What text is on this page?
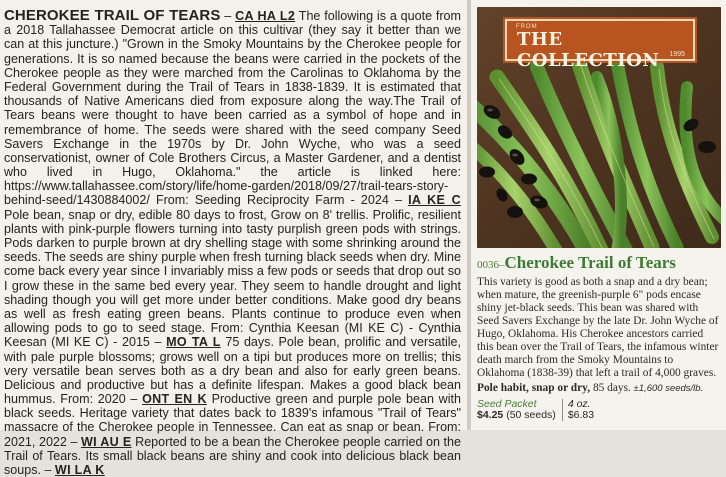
CHEROKEE TRAIL OF TEARS – CA HA L2 The following is a quote from a 2018 Tallahassee Democrat article on this cultivar (they say it better than we can at this juncture.) "Grown in the Smoky Mountains by the Cherokee people for generations. It is so named because the beans were carried in the pockets of the Cherokee people as they were marched from the Carolinas to Oklahoma by the Federal Government during the Trail of Tears in 1838-1839. It is estimated that thousands of Native Americans died from exposure along the way.The Trail of Tears beans were thought to have been carried as a symbol of hope and in remembrance of home. The seeds were shared with the seed company Seed Savers Exchange in the 1970s by Dr. John Wyche, who was a seed conservationist, owner of Cole Brothers Circus, a Master Gardener, and a dentist who lived in Hugo, Oklahoma." the article is linked here: https://www.tallahassee.com/story/life/home-garden/2018/09/27/trail-tears-story-behind-seed/1430884002/ From: Seeding Reciprocity Farm - 2024 – IA KE C Pole bean, snap or dry, edible 80 days to frost, Grow on 8' trellis. Prolific, resilient plants with pink-purple flowers turning into tasty purplish green pods with strings. Pods darken to purple brown at dry shelling stage with some shrinking around the seeds. The seeds are shiny purple when fresh turning black seeds when dry. Mine come back every year since I invariably miss a few pods or seeds that drop out so I grow these in the same bed every year. They seem to handle drought and light shading though you will get more under better conditions. Make good dry beans as well as fresh eating green beans. Plants continue to produce even when allowing pods to go to seed stage. From: Cynthia Keesan (MI KE C) - Cynthia Keesan (MI KE C) - 2015 – MO TA L 75 days. Pole bean, prolific and versatile, with pale purple blossoms; grows well on a tipi but produces more on trellis; this very versatile bean serves both as a dry bean and also for early green beans. Delicious and productive but has a definite lifespan. Makes a good black bean hummus. From: 2020 – ONT EN K Productive green and purple pole bean with black seeds. Heritage variety that dates back to 1839's infamous "Trail of Tears" massacre of the Cherokee people in Tennessee. Can eat as snap or bean. From: 2021, 2022 – WI AU E Reported to be a bean the Cherokee people carried on the Trail of Tears. Its small black beans are shiny and cook into delicious black bean soups. – WI LA K

FROM
THE COLLECTION	1995
0036–Cherokee Trail of Tears

This variety is good as both a snap and a dry bean; when mature, the greenish-purple 6" pods encase shiny jet-black seeds. This bean was shared with Seed Savers Exchange by the late Dr. John Wyche of Hugo, Oklahoma. His Cherokee ancestors carried this bean over the Trail of Tears, the infamous winter death march from the Smoky Mountains to Oklahoma (1838-39) that left a trail of 4,000 graves.

Pole habit, snap or dry, 85 days. ±1,600 seeds/lb.

Seed Packet
$4.25 (50 seeds)
4 oz.
$6.83
